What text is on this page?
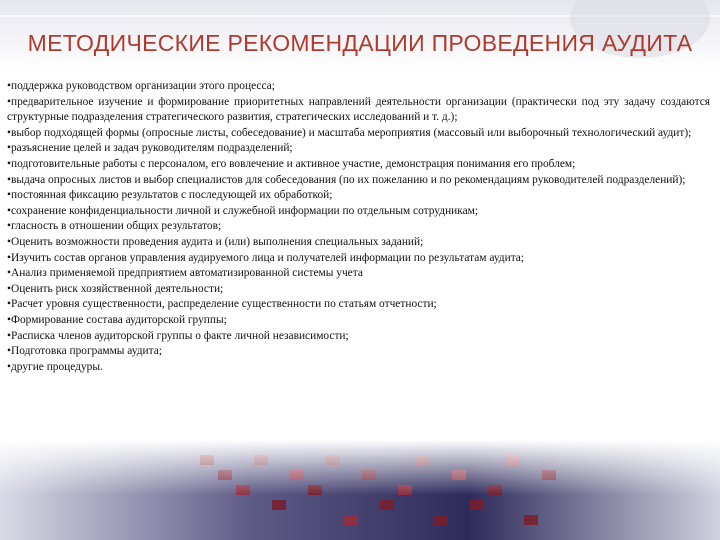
МЕТОДИЧЕСКИЕ РЕКОМЕНДАЦИИ ПРОВЕДЕНИЯ АУДИТА

•поддержка руководством организации этого процесса;

•предварительное изучение и формирование приоритетных направлений деятельности организации (практически под эту задачу создаются структурные подразделения стратегического развития, стратегических исследований и т. д.);

•выбор подходящей формы (опросные листы, собеседование) и масштаба мероприятия (массовый или выборочный технологический аудит);

•разъяснение целей и задач руководителям подразделений;

•подготовительные работы с персоналом, его вовлечение и активное участие, демонстрация понимания его проблем;

•выдача опросных листов и выбор специалистов для собеседования (по их пожеланию и по рекомендациям руководителей подразделений);

•постоянная фиксацию результатов с последующей их обработкой;

•сохранение конфиденциальности личной и служебной информации по отдельным сотрудникам;

•гласность в отношении общих результатов;

•Оценить возможности проведения аудита и (или) выполнения специальных заданий;

•Изучить состав органов управления аудируемого лица и получателей информации по результатам аудита;

•Анализ применяемой предприятием автоматизированной системы учета

•Оценить риск хозяйственной деятельности;

•Расчет уровня существенности, распределение существенности по статьям отчетности;

•Формирование состава аудиторской группы;

•Расписка членов аудиторской группы о факте личной независимости;

•Подготовка программы аудита;

•другие процедуры.
